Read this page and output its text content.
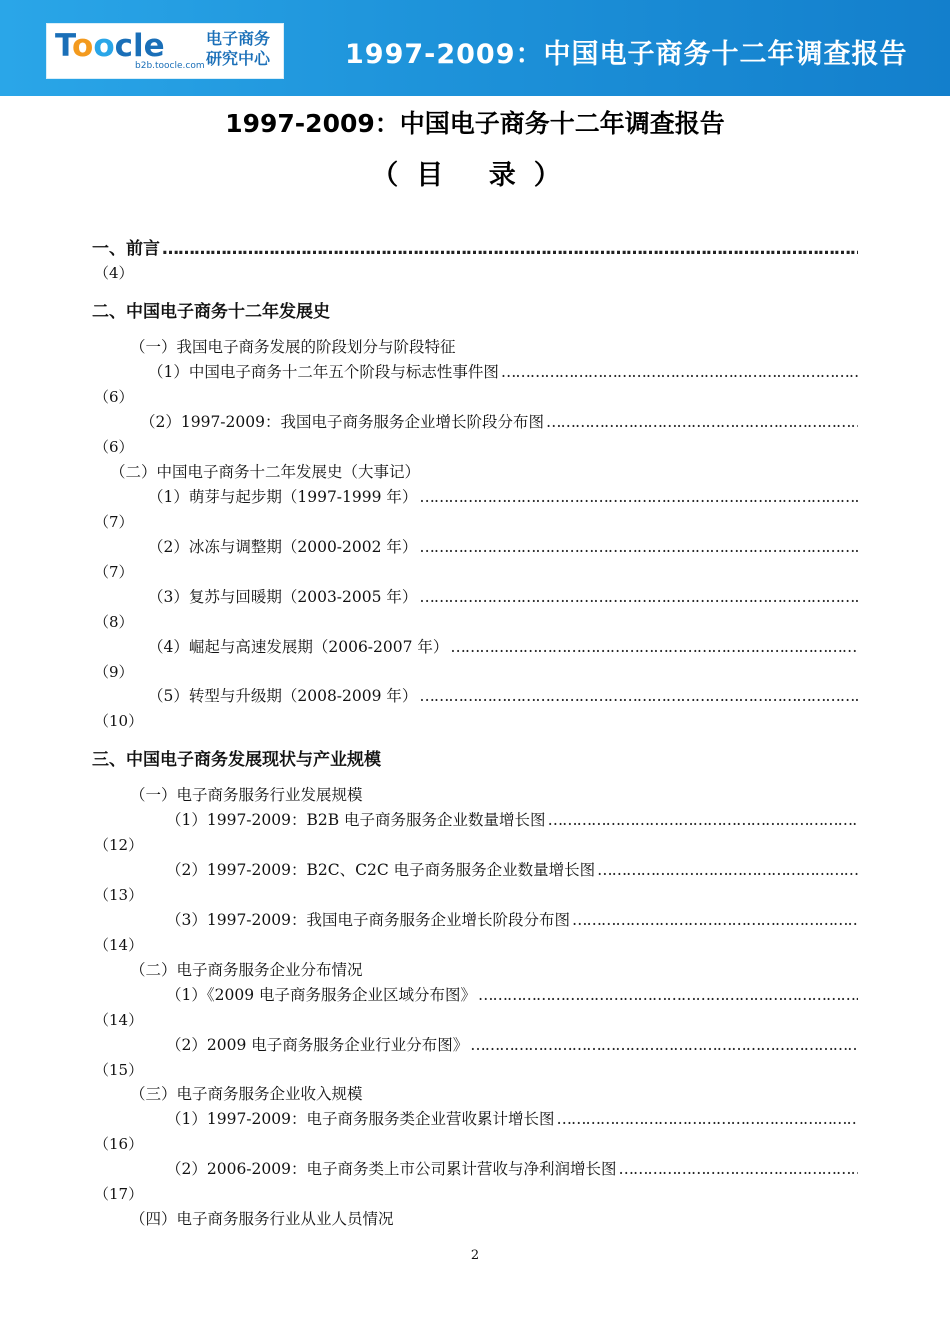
Toocle
b2b.toocle.com
电子商务研究中心	1997-2009：中国电子商务十二年调查报告
1997-2009：中国电子商务十二年调查报告
（目 录）
一、前言
……………………………………………………………………………………………………………………………………………………………………………
（4）
二、中国电子商务十二年发展史
（一）我国电子商务发展的阶段划分与阶段特征
（1）中国电子商务十二年五个阶段与标志性事件图
……………………………………………………………………………………………………………………………………………………………………………
（6）
（2）1997-2009：我国电子商务服务企业增长阶段分布图
……………………………………………………………………………………………………………………………………………………………………………
（6）
（二）中国电子商务十二年发展史（大事记）
（1）萌芽与起步期（1997-1999 年）
……………………………………………………………………………………………………………………………………………………………………………
（7）
（2）冰冻与调整期（2000-2002 年）
……………………………………………………………………………………………………………………………………………………………………………
（7）
（3）复苏与回暖期（2003-2005 年）
……………………………………………………………………………………………………………………………………………………………………………
（8）
（4）崛起与高速发展期（2006-2007 年）
……………………………………………………………………………………………………………………………………………………………………………
（9）
（5）转型与升级期（2008-2009 年）
……………………………………………………………………………………………………………………………………………………………………………
（10）
三、中国电子商务发展现状与产业规模
（一）电子商务服务行业发展规模
（1）1997-2009：B2B 电子商务服务企业数量增长图
……………………………………………………………………………………………………………………………………………………………………………
（12）
（2）1997-2009：B2C、C2C 电子商务服务企业数量增长图
……………………………………………………………………………………………………………………………………………………………………………
（13）
（3）1997-2009：我国电子商务服务企业增长阶段分布图
……………………………………………………………………………………………………………………………………………………………………………
（14）
（二）电子商务服务企业分布情况
（1）《2009 电子商务服务企业区域分布图》
……………………………………………………………………………………………………………………………………………………………………………
（14）
（2）2009 电子商务服务企业行业分布图》
……………………………………………………………………………………………………………………………………………………………………………
（15）
（三）电子商务服务企业收入规模
（1）1997-2009：电子商务服务类企业营收累计增长图
……………………………………………………………………………………………………………………………………………………………………………
（16）
（2）2006-2009：电子商务类上市公司累计营收与净利润增长图
……………………………………………………………………………………………………………………………………………………………………………
（17）
（四）电子商务服务行业从业人员情况
2
